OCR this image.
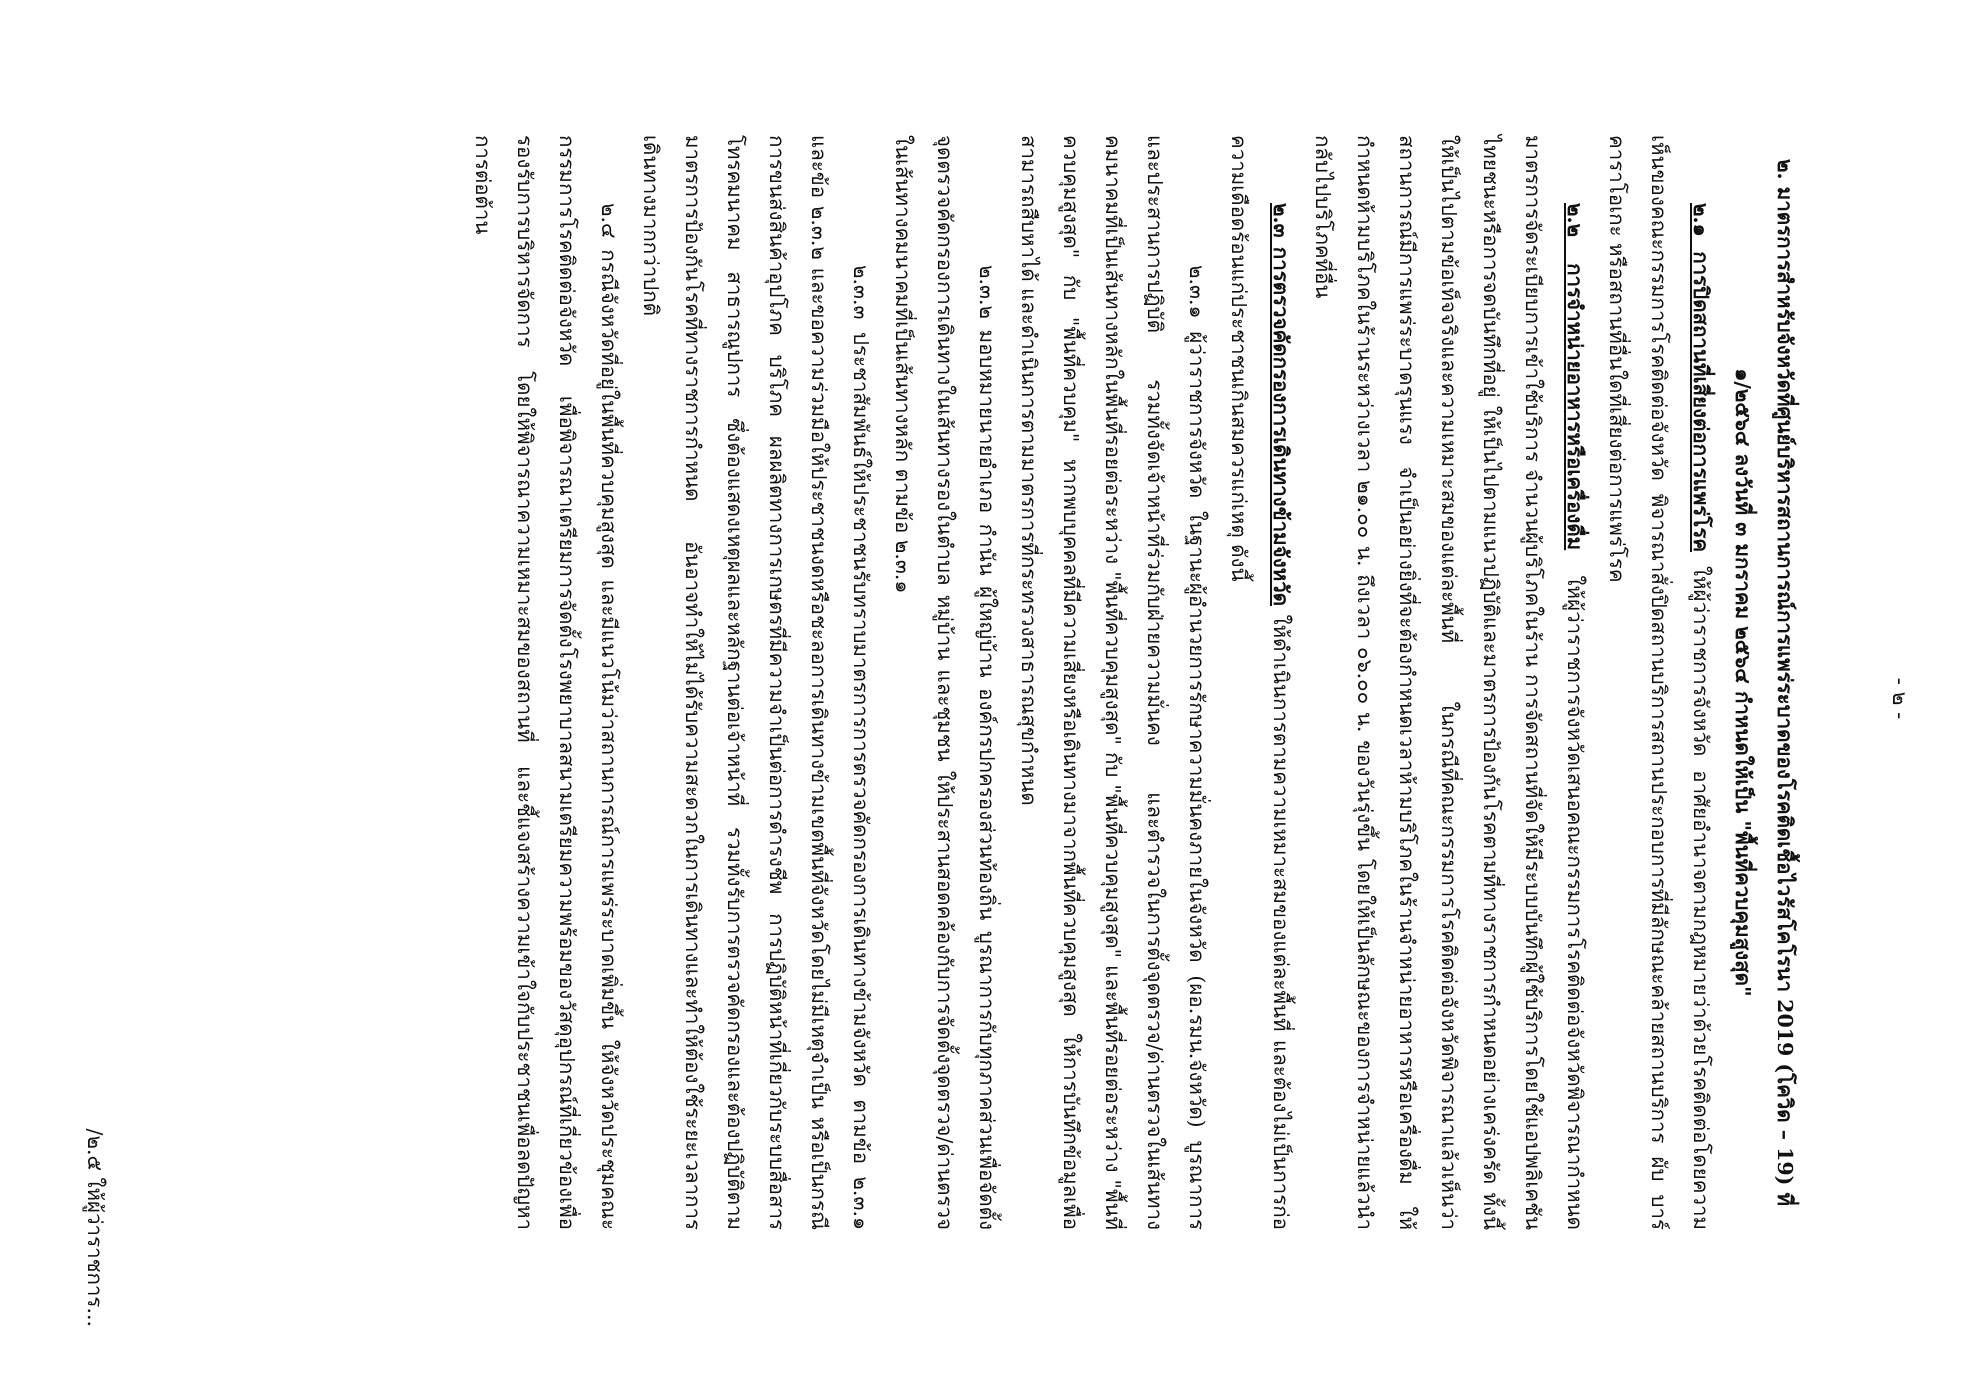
- ๒ -

๒. มาตรการสำหรับจังหวัดที่ศูนย์บริหารสถานการณ์การแพร่ระบาดของโรคติดเชื้อไวรัสโคโรนา 2019 (โควิด – 19) ที่ ๑/๒๕๖๔ ลงวันที่ ๓ มกราคม ๒๕๖๔ กำหนดให้เป็น "พื้นที่ควบคุมสูงสุด"

๒.๑ การปิดสถานที่เสี่ยงต่อการแพร่โรค ให้ผู้ว่าราชการจังหวัด อาศัยอำนาจตามกฎหมายว่าด้วยโรคติดต่อโดยความเห็นของคณะกรรมการโรคติดต่อจังหวัด พิจารณาสั่งปิดสถานบริการสถานประกอบการที่มีลักษณะคล้ายสถานบริการ ผับ บาร์ คาราโอเกะ หรือสถานที่อื่นใดที่เสี่ยงต่อการแพร่โรค

๒.๒ การจำหน่ายอาหารหรือเครื่องดื่ม ให้ผู้ว่าราชการจังหวัดเสนอคณะกรรมการโรคติดต่อจังหวัดพิจารณากำหนดมาตรการจัดระเบียบการเข้าใช้บริการ จำนวนผู้บริโภคในร้าน การจัดสถานที่จัดให้มีระบบบันทึกผู้ใช้บริการโดยใช้แอปพลิเคชันไทยชนะหรือการจดบันทึกที่อยู่ ให้เป็นไปตามแนวปฏิบัติและมาตรการป้องกันโรคตามที่ทางราชการกำหนดอย่างเคร่งครัด ทั้งนี้ ให้เป็นไปตามข้อเท็จจริงและความเหมาะสมของแต่ละพื้นที่ ในกรณีที่คณะกรรมการโรคติดต่อจังหวัดพิจารณาแล้วเห็นว่า สถานการณ์มีการแพร่ระบาดรุนแรง จำเป็นอย่างยิ่งที่จะต้องกำหนดเวลาห้ามบริโภคในร้านจำหน่ายอาหารหรือเครื่องดื่ม ให้กำหนดห้ามบริโภคในร้านระหว่างเวลา ๒๑.๐๐ น. ถึงเวลา ๐๖.๐๐ น. ของวันรุ่งขึ้น โดยให้เป็นลักษณะของการจำหน่ายแล้วนำกลับไปบริโภคที่อื่น

๒.๓ การตรวจคัดกรองการเดินทางข้ามจังหวัด ให้ดำเนินการตามความเหมาะสมของแต่ละพื้นที่ และต้องไม่เป็นการก่อความเดือดร้อนแก่ประชาชนเกินสมควรแก่เหตุ ดังนี้

๒.๓.๑ ผู้ว่าราชการจังหวัด ในฐานะผู้อำนวยการรักษาความมั่นคงภายในจังหวัด (ผอ.รมน.จังหวัด) บูรณาการและประสานการปฏิบัติ รวมทั้งจัดเจ้าหน้าที่ร่วมกับฝ่ายความมั่นคง และตำรวจในการตั้งจุดตรวจ/ด่านตรวจในเส้นทางคมนาคมที่เป็นเส้นทางหลักในพื้นที่รอยต่อระหว่าง "พื้นที่ควบคุมสูงสุด" กับ "พื้นที่ควบคุมสูงสุด" และพื้นที่รอยต่อระหว่าง "พื้นที่ควบคุมสูงสุด" กับ "พื้นที่ควบคุม" หากพบบุคคลที่มีความเสี่ยงหรือเดินทางมาจากพื้นที่ควบคุมสูงสุด ให้การบันทึกข้อมูลเพื่อสามารถสืบหาได้ และดำเนินการตามมาตรการที่กระทรวงสาธารณสุขกำหนด

๒.๓.๒ มอบหมายนายอำเภอ กำนัน ผู้ใหญ่บ้าน องค์กรปกครองส่วนท้องถิ่น บูรณาการกับทุกภาคส่วนเพื่อจัดตั้งจุดตรวจคัดกรองการเดินทางในเส้นทางรองในตำบล หมู่บ้าน และชุมชน ให้ประสานสอดคล้องกับการจัดตั้งจุดตรวจ/ด่านตรวจในเส้นทางคมนาคมที่เป็นเส้นทางหลัก ตามข้อ ๒.๓.๑

๒.๓.๓ ประชาสัมพันธ์ให้ประชาชนรับทราบมาตรการการตรวจคัดกรองการเดินทางข้ามจังหวัด ตามข้อ ๒.๓.๑ และข้อ ๒.๓.๒ และขอความร่วมมือให้ประชาชนงดหรือชะลอการเดินทางข้ามเขตพื้นที่จังหวัดโดยไม่มีเหตุจำเป็น หรือเป็นกรณีการขนส่งสินค้าอุปโภค บริโภค ผลผลิตทางการเกษตรที่มีความจำเป็นต่อการดำรงชีพ การปฏิบัติหน้าที่เกี่ยวกับระบบสื่อสารโทรคมนาคม สาธารณูปการ ซึ่งต้องแสดงเหตุผลและหลักฐานต่อเจ้าหน้าที่ รวมทั้งรับการตรวจคัดกรองและต้องปฏิบัติตามมาตรการป้องกันโรคที่ทางราชการกำหนด อันอาจทำให้ไม่ได้รับความสะดวกในการเดินทางและทำให้ต้องใช้ระยะเวลาการเดินทางมากกว่าปกติ

๒.๔ กรณีจังหวัดที่อยู่ในพื้นที่ควบคุมสูงสุด และมีแนวโน้มว่าสถานการณ์การแพร่ระบาดเพิ่มขึ้น ให้จังหวัดประชุมคณะกรรมการโรคติดต่อจังหวัด เพื่อพิจารณาเตรียมการจัดตั้งโรงพยาบาลสนามเตรียมความพร้อมของวัสดุอุปกรณ์ที่เกี่ยวข้องเพื่อรองรับการบริหารจัดการ โดยให้พิจารณาความเหมาะสมของสถานที่ และชี้แจงสร้างความเข้าใจกับประชาชนเพื่อลดปัญหาการต่อต้าน

/๒.๕ ให้ผู้ว่าราชการ...
